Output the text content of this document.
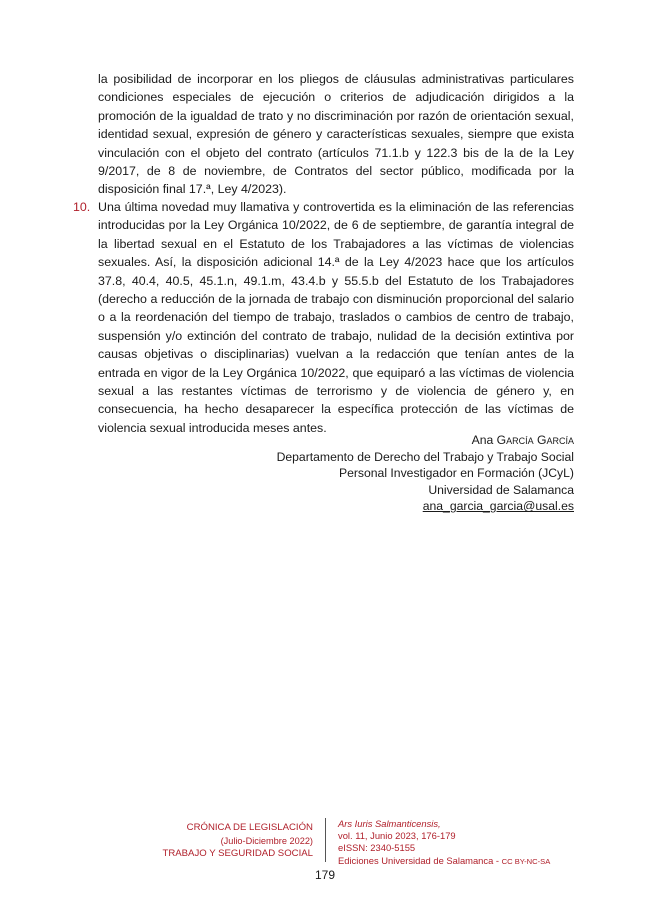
la posibilidad de incorporar en los pliegos de cláusulas administrativas particulares condiciones especiales de ejecución o criterios de adjudicación dirigidos a la promoción de la igualdad de trato y no discriminación por razón de orientación sexual, identidad sexual, expresión de género y características sexuales, siempre que exista vinculación con el objeto del contrato (artículos 71.1.b y 122.3 bis de la de la Ley 9/2017, de 8 de noviembre, de Contratos del sector público, modificada por la disposición final 17.ª, Ley 4/2023).

10. Una última novedad muy llamativa y controvertida es la eliminación de las referencias introducidas por la Ley Orgánica 10/2022, de 6 de septiembre, de garantía integral de la libertad sexual en el Estatuto de los Trabajadores a las víctimas de violencias sexuales. Así, la disposición adicional 14.ª de la Ley 4/2023 hace que los artículos 37.8, 40.4, 40.5, 45.1.n, 49.1.m, 43.4.b y 55.5.b del Estatuto de los Trabajadores (derecho a reducción de la jornada de trabajo con disminución proporcional del salario o a la reordenación del tiempo de trabajo, traslados o cambios de centro de trabajo, suspensión y/o extinción del contrato de trabajo, nulidad de la decisión extintiva por causas objetivas o disciplinarias) vuelvan a la redacción que tenían antes de la entrada en vigor de la Ley Orgánica 10/2022, que equiparó a las víctimas de violencia sexual a las restantes víctimas de terrorismo y de violencia de género y, en consecuencia, ha hecho desaparecer la específica protección de las víctimas de violencia sexual introducida meses antes.

Ana García García
Departamento de Derecho del Trabajo y Trabajo Social
Personal Investigador en Formación (JCyL)
Universidad de Salamanca
ana_garcia_garcia@usal.es
CRÓNICA DE LEGISLACIÓN
(Julio-Diciembre 2022)
TRABAJO Y SEGURIDAD SOCIAL
Ars Iuris Salmanticensis,
vol. 11, Junio 2023, 176-179
eISSN: 2340-5155
Ediciones Universidad de Salamanca - CC BY-NC-SA
179
